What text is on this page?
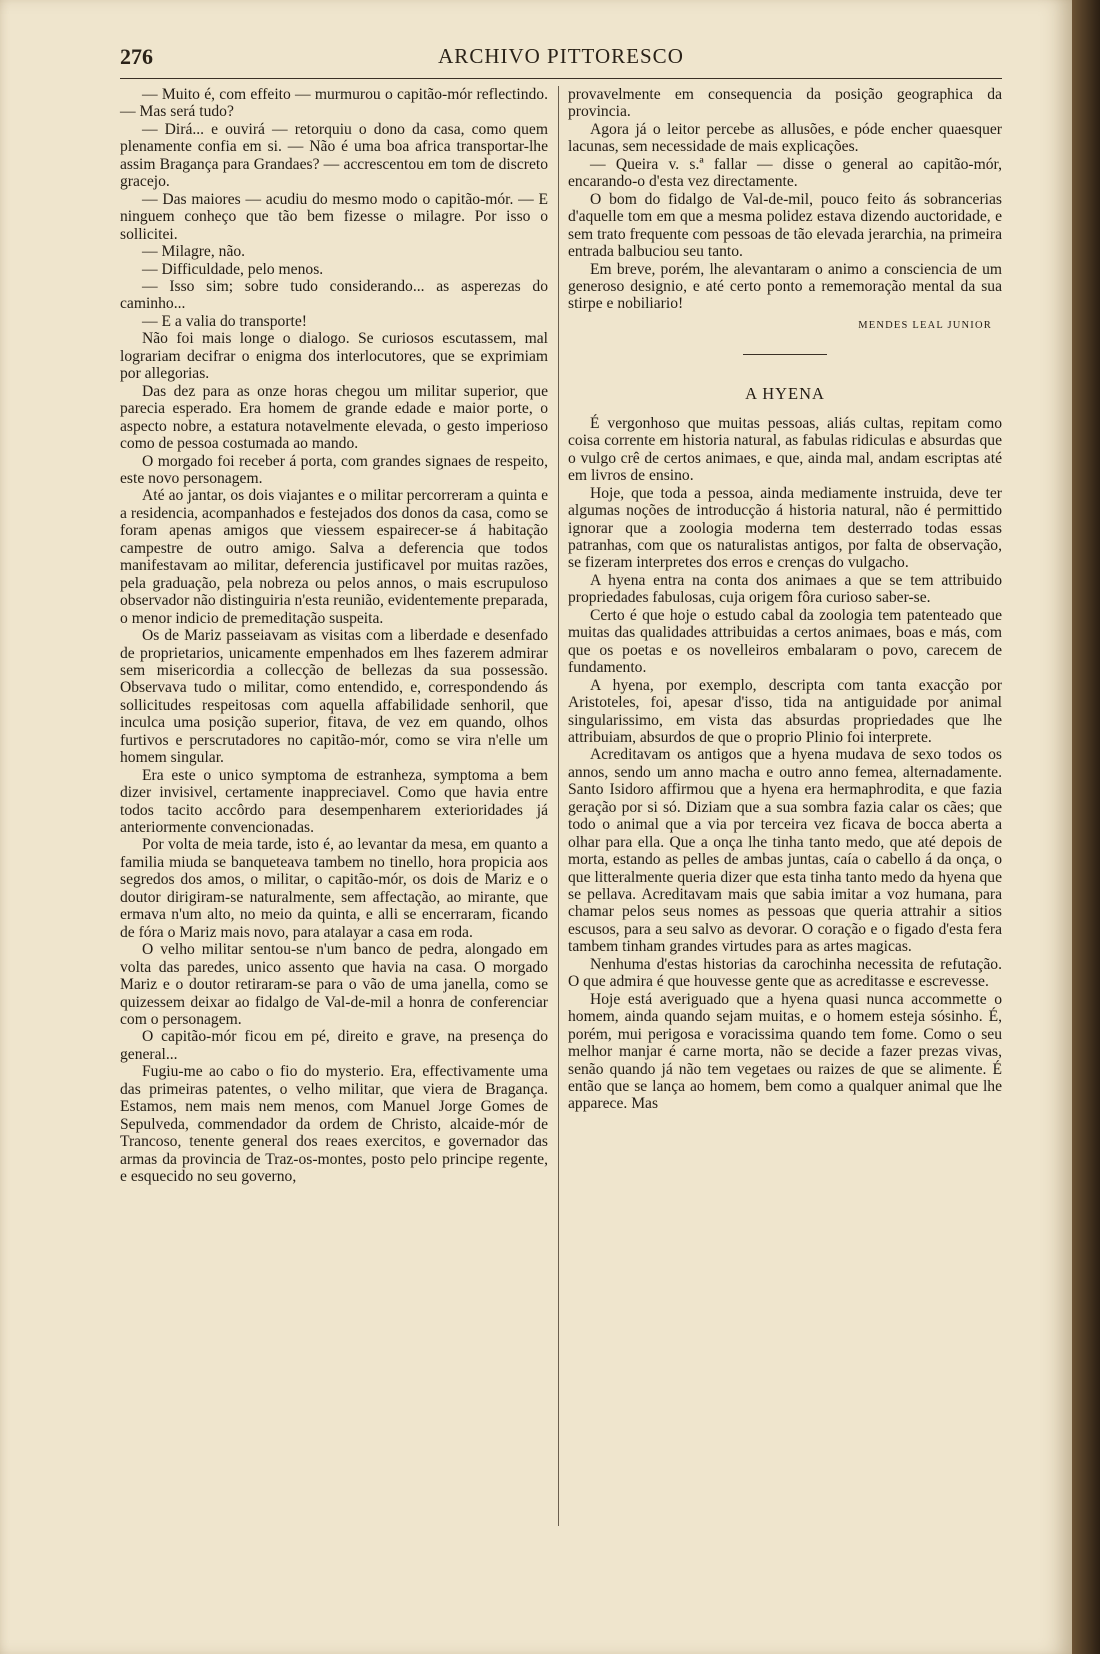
276	ARCHIVO PITTORESCO

— Muito é, com effeito — murmurou o capitão-mór reflectindo. — Mas será tudo?

— Dirá... e ouvirá — retorquiu o dono da casa, como quem plenamente confia em si. — Não é uma boa africa transportar-lhe assim Bragança para Grandaes? — accrescentou em tom de discreto gracejo.

— Das maiores — acudiu do mesmo modo o capitão-mór. — E ninguem conheço que tão bem fizesse o milagre. Por isso o sollicitei.

— Milagre, não.

— Difficuldade, pelo menos.

— Isso sim; sobre tudo considerando... as asperezas do caminho...

— E a valia do transporte!

Não foi mais longe o dialogo. Se curiosos escutassem, mal lograriam decifrar o enigma dos interlocutores, que se exprimiam por allegorias.

Das dez para as onze horas chegou um militar superior, que parecia esperado. Era homem de grande edade e maior porte, o aspecto nobre, a estatura notavelmente elevada, o gesto imperioso como de pessoa costumada ao mando.

O morgado foi receber á porta, com grandes signaes de respeito, este novo personagem.

Até ao jantar, os dois viajantes e o militar percorreram a quinta e a residencia, acompanhados e festejados dos donos da casa, como se foram apenas amigos que viessem espairecer-se á habitação campestre de outro amigo. Salva a deferencia que todos manifestavam ao militar, deferencia justificavel por muitas razões, pela graduação, pela nobreza ou pelos annos, o mais escrupuloso observador não distinguiria n'esta reunião, evidentemente preparada, o menor indicio de premeditação suspeita.

Os de Mariz passeiavam as visitas com a liberdade e desenfado de proprietarios, unicamente empenhados em lhes fazerem admirar sem misericordia a collecção de bellezas da sua possessão. Observava tudo o militar, como entendido, e, correspondendo ás sollicitudes respeitosas com aquella affabilidade senhoril, que inculca uma posição superior, fitava, de vez em quando, olhos furtivos e perscrutadores no capitão-mór, como se vira n'elle um homem singular.

Era este o unico symptoma de estranheza, symptoma a bem dizer invisivel, certamente inappreciavel. Como que havia entre todos tacito accôrdo para desempenharem exterioridades já anteriormente convencionadas.

Por volta de meia tarde, isto é, ao levantar da mesa, em quanto a familia miuda se banqueteava tambem no tinello, hora propicia aos segredos dos amos, o militar, o capitão-mór, os dois de Mariz e o doutor dirigiram-se naturalmente, sem affectação, ao mirante, que ermava n'um alto, no meio da quinta, e alli se encerraram, ficando de fóra o Mariz mais novo, para atalayar a casa em roda.

O velho militar sentou-se n'um banco de pedra, alongado em volta das paredes, unico assento que havia na casa. O morgado Mariz e o doutor retiraram-se para o vão de uma janella, como se quizessem deixar ao fidalgo de Val-de-mil a honra de conferenciar com o personagem.

O capitão-mór ficou em pé, direito e grave, na presença do general...

Fugiu-me ao cabo o fio do mysterio. Era, effectivamente uma das primeiras patentes, o velho militar, que viera de Bragança. Estamos, nem mais nem menos, com Manuel Jorge Gomes de Sepulveda, commendador da ordem de Christo, alcaide-mór de Trancoso, tenente general dos reaes exercitos, e governador das armas da provincia de Traz-os-montes, posto pelo principe regente, e esquecido no seu governo,

provavelmente em consequencia da posição geographica da provincia.

Agora já o leitor percebe as allusões, e póde encher quaesquer lacunas, sem necessidade de mais explicações.

— Queira v. s.ª fallar — disse o general ao capitão-mór, encarando-o d'esta vez directamente.

O bom do fidalgo de Val-de-mil, pouco feito ás sobrancerias d'aquelle tom em que a mesma polidez estava dizendo auctoridade, e sem trato frequente com pessoas de tão elevada jerarchia, na primeira entrada balbuciou seu tanto.

Em breve, porém, lhe alevantaram o animo a consciencia de um generoso designio, e até certo ponto a rememoração mental da sua stirpe e nobiliario!

MENDES LEAL JUNIOR
A HYENA

É vergonhoso que muitas pessoas, aliás cultas, repitam como coisa corrente em historia natural, as fabulas ridiculas e absurdas que o vulgo crê de certos animaes, e que, ainda mal, andam escriptas até em livros de ensino.

Hoje, que toda a pessoa, ainda mediamente instruida, deve ter algumas noções de introducção á historia natural, não é permittido ignorar que a zoologia moderna tem desterrado todas essas patranhas, com que os naturalistas antigos, por falta de observação, se fizeram interpretes dos erros e crenças do vulgacho.

A hyena entra na conta dos animaes a que se tem attribuido propriedades fabulosas, cuja origem fôra curioso saber-se.

Certo é que hoje o estudo cabal da zoologia tem patenteado que muitas das qualidades attribuidas a certos animaes, boas e más, com que os poetas e os novelleiros embalaram o povo, carecem de fundamento.

A hyena, por exemplo, descripta com tanta exacção por Aristoteles, foi, apesar d'isso, tida na antiguidade por animal singularissimo, em vista das absurdas propriedades que lhe attribuiam, absurdos de que o proprio Plinio foi interprete.

Acreditavam os antigos que a hyena mudava de sexo todos os annos, sendo um anno macha e outro anno femea, alternadamente. Santo Isidoro affirmou que a hyena era hermaphrodita, e que fazia geração por si só. Diziam que a sua sombra fazia calar os cães; que todo o animal que a via por terceira vez ficava de bocca aberta a olhar para ella. Que a onça lhe tinha tanto medo, que até depois de morta, estando as pelles de ambas juntas, caía o cabello á da onça, o que litteralmente queria dizer que esta tinha tanto medo da hyena que se pellava. Acreditavam mais que sabia imitar a voz humana, para chamar pelos seus nomes as pessoas que queria attrahir a sitios escusos, para a seu salvo as devorar. O coração e o figado d'esta fera tambem tinham grandes virtudes para as artes magicas.

Nenhuma d'estas historias da carochinha necessita de refutação. O que admira é que houvesse gente que as acreditasse e escrevesse.

Hoje está averiguado que a hyena quasi nunca accommette o homem, ainda quando sejam muitas, e o homem esteja sósinho. É, porém, mui perigosa e voracissima quando tem fome. Como o seu melhor manjar é carne morta, não se decide a fazer prezas vivas, senão quando já não tem vegetaes ou raizes de que se alimente. É então que se lança ao homem, bem como a qualquer animal que lhe apparece. Mas
